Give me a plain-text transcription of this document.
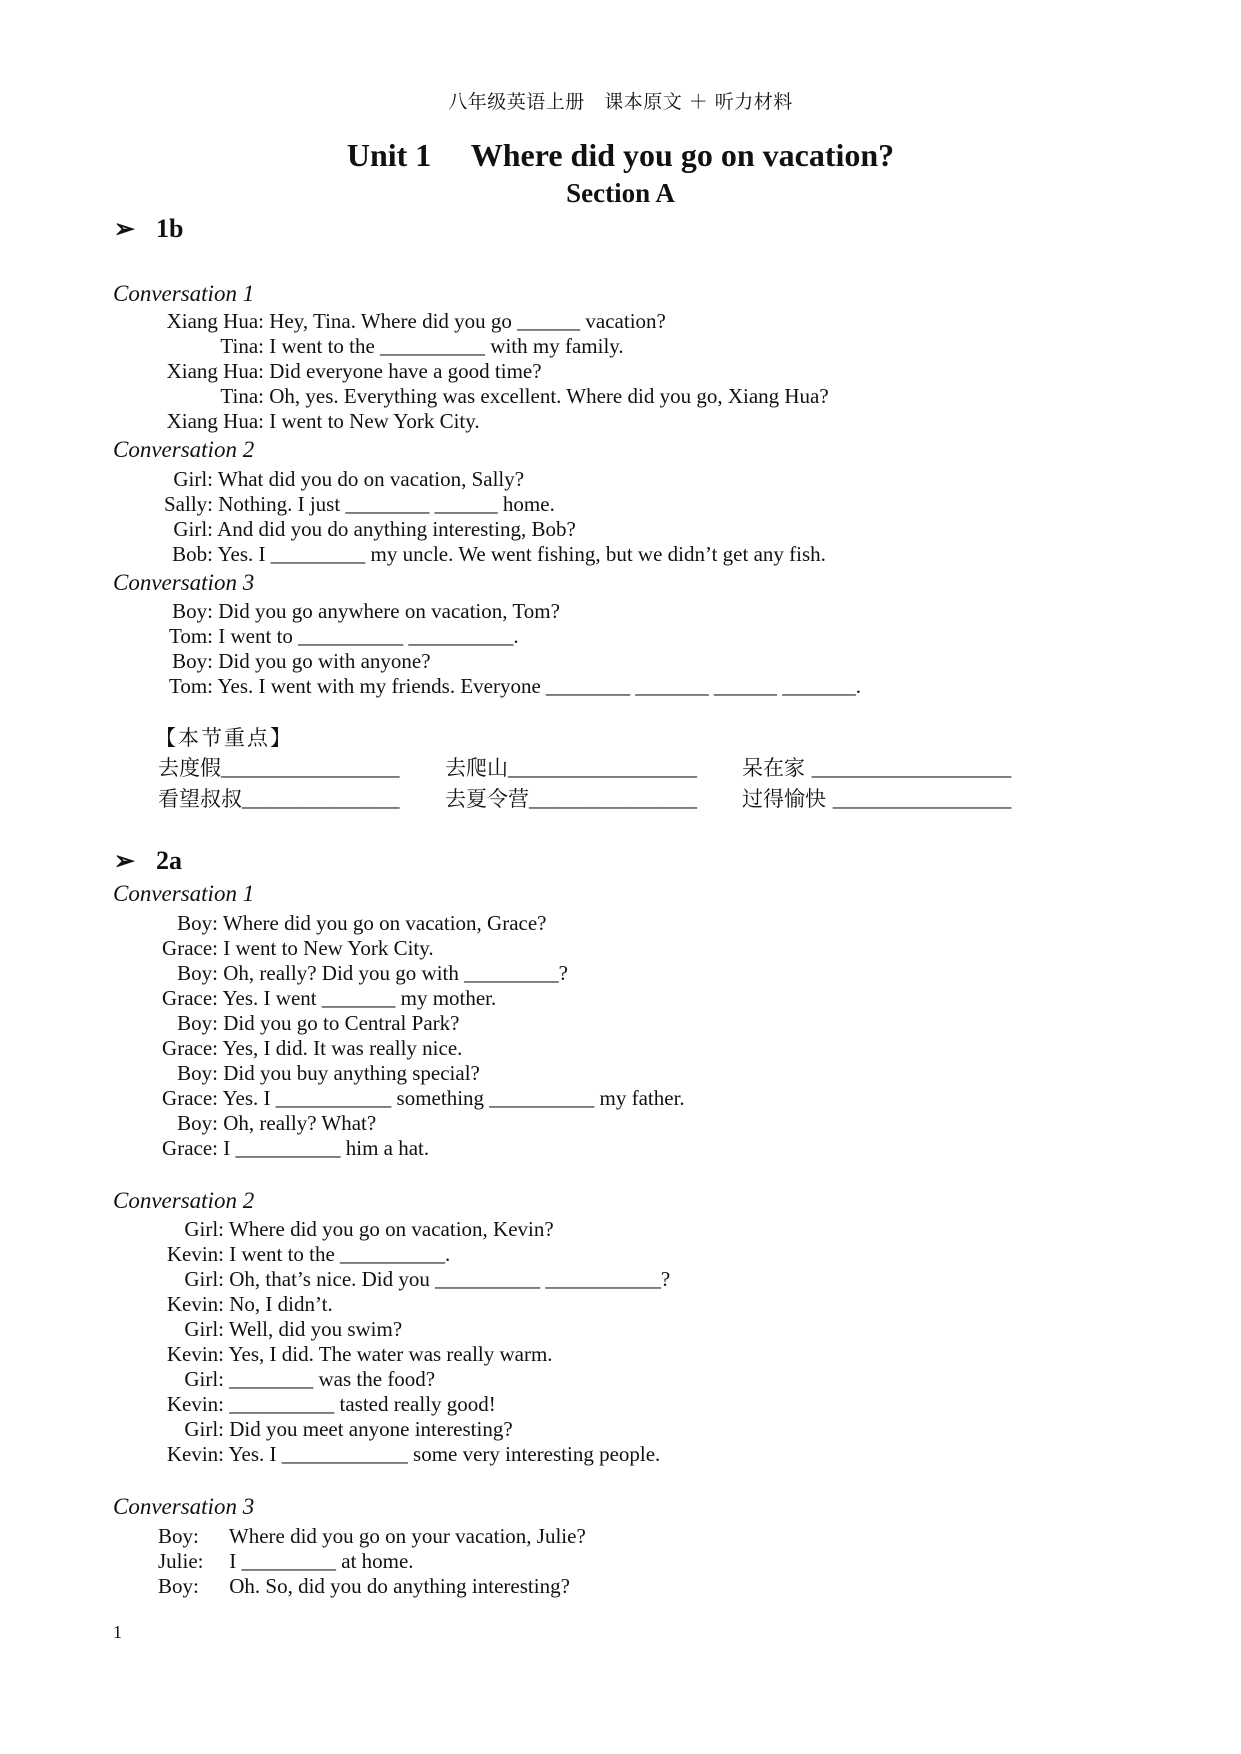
八年级英语上册　课本原文 ＋ 听力材料
Unit 1　 Where did you go on vacation?
Section A
➢ 1b
Conversation 1
Xiang Hua: Hey, Tina. Where did you go ______ vacation?
Tina: I went to the __________ with my family.
Xiang Hua: Did everyone have a good time?
Tina: Oh, yes. Everything was excellent. Where did you go, Xiang Hua?
Xiang Hua: I went to New York City.
Conversation 2
Girl: What did you do on vacation, Sally?
Sally: Nothing. I just ________ ______ home.
Girl: And did you do anything interesting, Bob?
Bob: Yes. I _________ my uncle. We went fishing, but we didn’t get any fish.
Conversation 3
Boy: Did you go anywhere on vacation, Tom?
Tom: I went to __________ __________.
Boy: Did you go with anyone?
Tom: Yes. I went with my friends. Everyone ________ _______ ______ _______.
【本节重点】
去度假_________________ 去爬山__________________ 呆在家 ___________________
看望叔叔_______________ 去夏令营________________ 过得愉快 _________________
➢ 2a
Conversation 1
Boy: Where did you go on vacation, Grace?
Grace: I went to New York City.
Boy: Oh, really? Did you go with _________?
Grace: Yes. I went _______ my mother.
Boy: Did you go to Central Park?
Grace: Yes, I did. It was really nice.
Boy: Did you buy anything special?
Grace: Yes. I ___________ something __________ my father.
Boy: Oh, really? What?
Grace: I __________ him a hat.
Conversation 2
Girl: Where did you go on vacation, Kevin?
Kevin: I went to the __________.
Girl: Oh, that’s nice. Did you __________ ___________?
Kevin: No, I didn’t.
Girl: Well, did you swim?
Kevin: Yes, I did. The water was really warm.
Girl: ________ was the food?
Kevin: __________ tasted really good!
Girl: Did you meet anyone interesting?
Kevin: Yes. I ____________ some very interesting people.
Conversation 3
Boy: Where did you go on your vacation, Julie?
Julie: I _________ at home.
Boy: Oh. So, did you do anything interesting?
1
